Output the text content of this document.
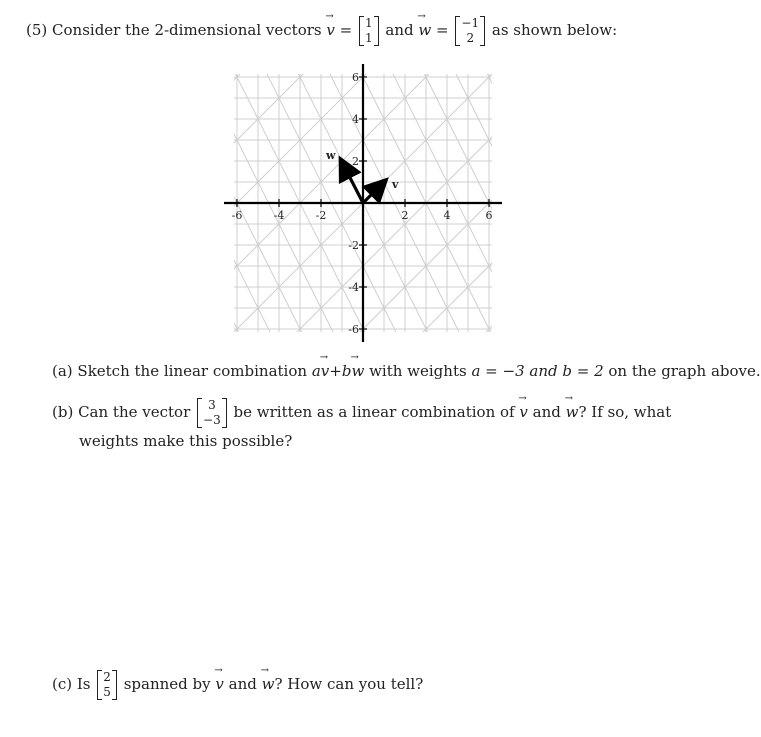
(5) Consider the 2-dimensional vectors v → = 1
1 and w → = −1
2	as shown below:
-6	-4	-2	2	4	6
6
4
2
-2
-4
-6
v
w
(a) Sketch the linear combination av →+bw → with weights a = −3 and b = 2 on the graph above.
(b) Can the vector	3
−3 be written as a linear combination of v → and w →? If so, what
weights make this possible?
(c) Is 2
5 spanned by v → and w →? How can you tell?
